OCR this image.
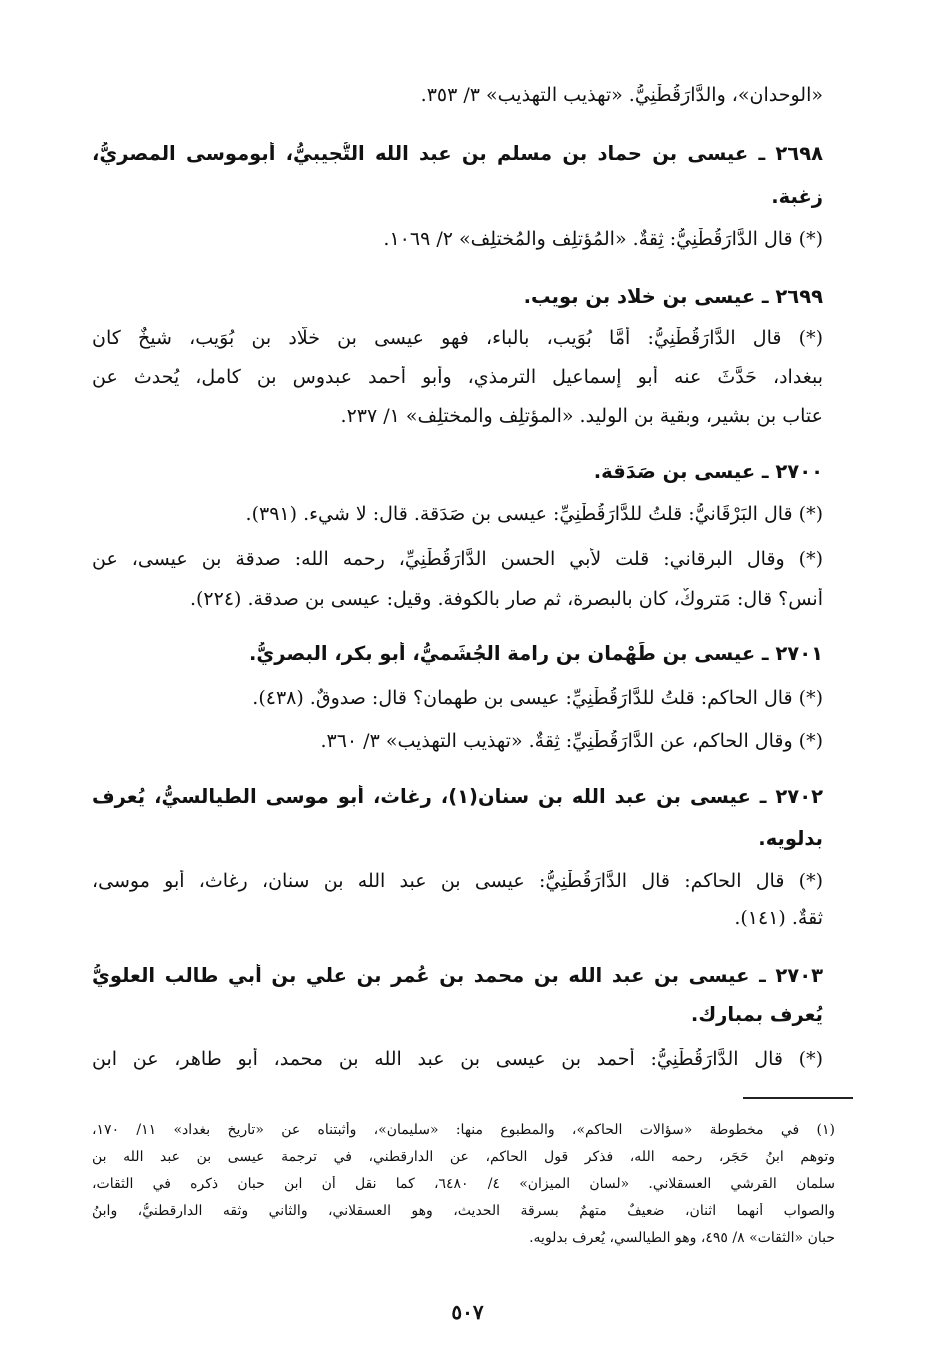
«الوحدان»، والدَّارَقُطْنِيُّ. «تهذيب التهذيب» ٣/ ٣٥٣.
٢٦٩٨ ـ عيسى بن حماد بن مسلم بن عبد الله التُّجيبيُّ، أبوموسى المصريُّ،
زغبة.
(*) قال الدَّارَقُطْنِيُّ: ثِقةٌ. «المُؤتلِف والمُختلِف» ٢/ ١٠٦٩.
٢٦٩٩ ـ عيسى بن خلاد بن بويب.
(*) قال الدَّارَقُطْنِيُّ: أَمَّا بُوَيب، بالباء، فهو عيسى بن خلَّاد بن بُوَيب، شيخٌ كان
ببغداد، حَدَّثَ عنه أبو إسماعيل الترمذي، وأبو أحمد عبدوس بن كامل، يُحدث عن
عتاب بن بشير، وبقية بن الوليد. «المؤتلِف والمختلِف» ١/ ٢٣٧.
٢٧٠٠ ـ عيسى بن صَدَقة.
(*) قال البَرْقَانيُّ: قلتُ للدَّارَقُطْنِيِّ: عيسى بن صَدَقة. قال: لا شيء. (٣٩١).
(*) وقال البرقاني: قلت لأبي الحسن الدَّارَقُطْنِيِّ، رحمه الله: صدقة بن عيسى، عن
أنس؟ قال: مَتروكٌ، كان بالبصرة، ثم صار بالكوفة. وقيل: عيسى بن صدقة. (٢٢٤).
٢٧٠١ ـ عيسى بن طَهْمان بن رامة الجُشَميُّ، أبو بكر، البصريُّ.
(*) قال الحاكم: قلتُ للدَّارَقُطْنِيِّ: عيسى بن طهمان؟ قال: صدوقٌ. (٤٣٨).
(*) وقال الحاكم، عن الدَّارَقُطْنِيِّ: ثِقةٌ. «تهذيب التهذيب» ٣/ ٣٦٠.
٢٧٠٢ ـ عيسى بن عبد الله بن سنان(١)، رغاث، أبو موسى الطيالسيُّ، يُعرف
بدلويه.
(*) قال الحاكم: قال الدَّارَقُطْنِيُّ: عيسى بن عبد الله بن سنان، رغاث، أبو موسى،
ثقةٌ. (١٤١).
٢٧٠٣ ـ عيسى بن عبد الله بن محمد بن عُمر بن علي بن أبي طالب العلويُّ
يُعرف بمبارك.
(*) قال الدَّارَقُطْنِيُّ: أحمد بن عيسى بن عبد الله بن محمد، أبو طاهر، عن ابن
(١) في مخطوطة «سؤالات الحاكم»، والمطبوع منها: «سليمان»، وأثبتناه عن «تاريخ بغداد» ١١/ ١٧٠،
وتوهم ابنُ حَجَر، رحمه الله، فذكر قول الحاكم، عن الدارقطني، في ترجمة عيسى بن عبد الله بن
سلمان القرشي العسقلاني. «لسان الميزان» ٤/ ٦٤٨٠، كما نقل أن ابن حبان ذكره في الثقات،
والصواب أنهما اثنان، ضعيفٌ متهمٌ بسرقة الحديث، وهو العسقلاني، والثاني وثقه الدارقطنيُّ، وابنُ
حبان «الثقات» ٨/ ٤٩٥، وهو الطيالسي، يُعرف بدلويه.
٥٠٧
